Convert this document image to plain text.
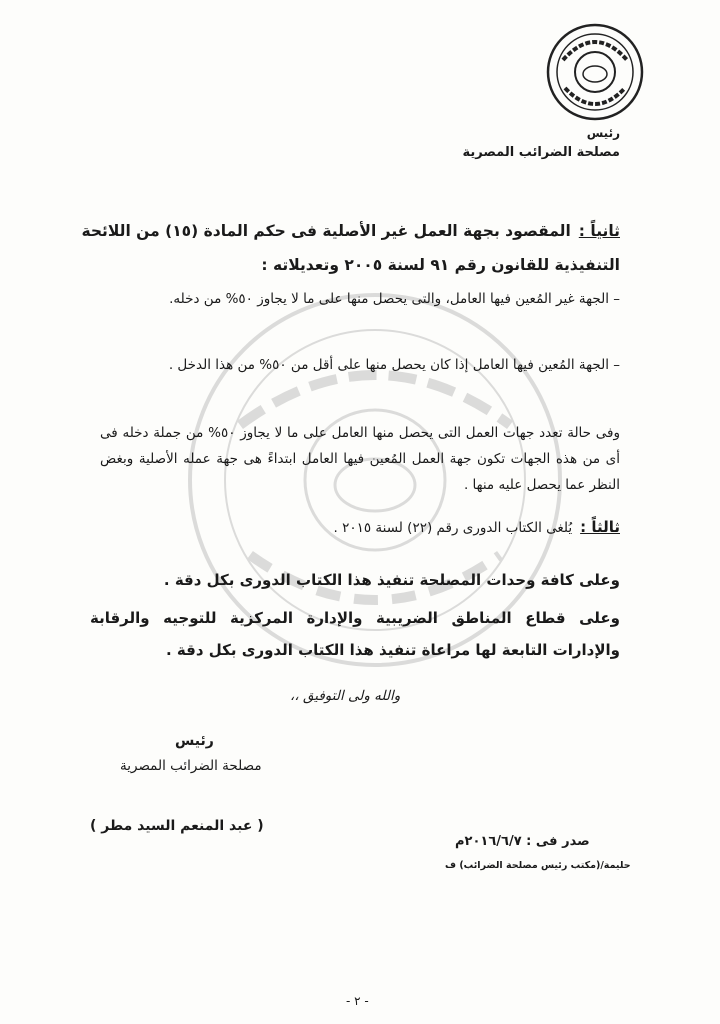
رئيس
مصلحة الضرائب المصرية
ثانياً :المقصود بجهة العمل غير الأصلية فى حكم المادة (١٥) من اللائحة
التنفيذية للقانون رقم ٩١ لسنة ٢٠٠٥ وتعديلاته :
– الجهة غير المُعين فيها العامل، والتى يحصل منها على ما لا يجاوز ٥٠% من دخله.
– الجهة المُعين فيها العامل إذا كان يحصل منها على أقل من ٥٠% من هذا الدخل .
وفى حالة تعدد جهات العمل التى يحصل منها العامل على ما لا يجاوز ٥٠% من جملة دخله فى أى من هذه الجهات تكون جهة العمل المُعين فيها العامل ابتداءً هى جهة عمله الأصلية وبغض النظر عما يحصل عليه منها .
ثالثاً :يُلغى الكتاب الدورى رقم (٢٢) لسنة ٢٠١٥ .
وعلى كافة وحدات المصلحة تنفيذ هذا الكتاب الدورى بكل دقة .
وعلى قطاع المناطق الضريبية والإدارة المركزية للتوجيه والرقابة والإدارات التابعة لها مراعاة تنفيذ هذا الكتاب الدورى بكل دقة .
والله ولى التوفيق ،،
رئيس
مصلحة الضرائب المصرية
( عبد المنعم السيد مطر )
صدر فى : ٢٠١٦/٦/٧م
حليمة/(مكتب رئيس مصلحة الضرائب) ف
- ٢ -
